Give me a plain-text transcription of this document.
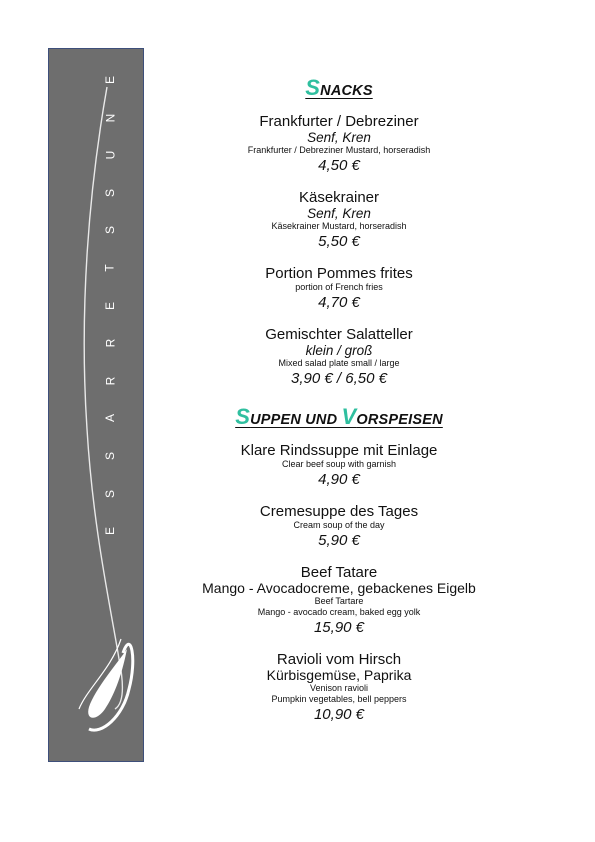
E
N
U
S
S
T
E
R
R
A
S
S
E
SNACKS
Frankfurter / Debreziner
Senf, Kren
Frankfurter / Debreziner Mustard, horseradish
4,50 €
Käsekrainer
Senf, Kren
Käsekrainer Mustard, horseradish
5,50 €
Portion Pommes frites
portion of French fries
4,70 €
Gemischter Salatteller
klein / groß
Mixed salad plate small / large
3,90 € / 6,50 €
SUPPEN UND VORSPEISEN
Klare Rindssuppe mit Einlage
Clear beef soup with garnish
4,90 €
Cremesuppe des Tages
Cream soup of the day
5,90 €
Beef Tatare
Mango - Avocadocreme, gebackenes Eigelb
Beef Tartare
Mango - avocado cream, baked egg yolk
15,90 €
Ravioli vom Hirsch
Kürbisgemüse, Paprika
Venison ravioli
Pumpkin vegetables, bell peppers
10,90 €
